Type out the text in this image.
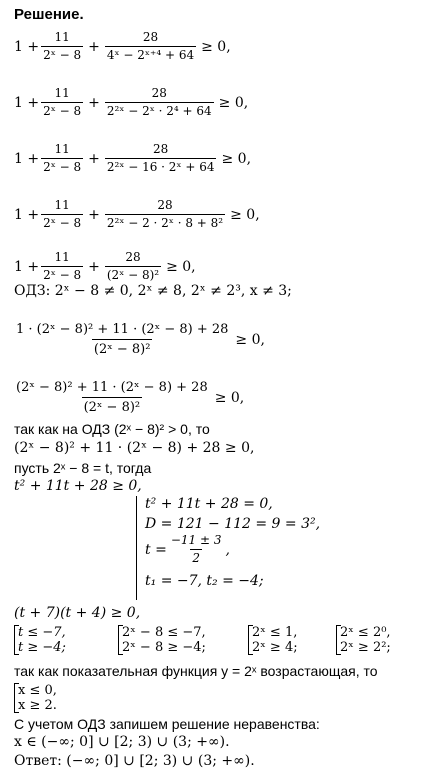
Решение.
$1 + \frac{11}{\text{2ˣ − 8}} + \frac{28}{\text{4ˣ − 2ˣ⁺⁴ + 64}} \ge 0$,
$1 + \frac{11}{\text{2ˣ − 8}} + \frac{28}{\text{2²ˣ − 2ˣ · 2⁴ + 64}} \ge 0$,
$1 + \frac{11}{\text{2ˣ − 8}} + \frac{28}{\text{2²ˣ − 16 · 2ˣ + 64}} \ge 0$,
$1 + \frac{11}{\text{2ˣ − 8}} + \frac{28}{\text{2²ˣ − 2 · 2ˣ · 8 + 8²}} \ge 0$,
$1 + \frac{11}{\text{2ˣ − 8}} + \frac{28}{\text{(2ˣ − 8)²}} \ge 0$,
ОДЗ: 2ˣ − 8 ≠ 0, 2ˣ ≠ 8, 2ˣ ≠ 2³, x ≠ 3;
$\frac{\text{1 · (2ˣ − 8)² + 11 · (2ˣ − 8) + 28}}{\text{(2ˣ − 8)²}} \ge 0$,
$\frac{\text{(2ˣ − 8)² + 11 · (2ˣ − 8) + 28}}{\text{(2ˣ − 8)²}} \ge 0$,
так как на ОДЗ (2ˣ − 8)² > 0, то
(2ˣ − 8)² + 11 · (2ˣ − 8) + 28 ≥ 0,
пусть 2ˣ − 8 = t, тогда
t² + 11t + 28 ≥ 0,
t² + 11t + 28 = 0,
D = 121 − 112 = 9 = 3²,
$t = \frac{-11 \pm 3}{2}$ ,
t₁ = −7, t₂ = −4;
(t + 7)(t + 4) ≥ 0,
t ≤ −7,
t ≥ −4;
2ˣ − 8 ≤ −7,
2ˣ − 8 ≥ −4;
2ˣ ≤ 1,
2ˣ ≥ 4;
2ˣ ≤ 2⁰,
2ˣ ≥ 2²;
так как показательная функция y = 2ˣ возрастающая, то
x ≤ 0,
x ≥ 2.
С учетом ОДЗ запишем решение неравенства:
x ∈ (−∞; 0] ∪ [2; 3) ∪ (3; +∞).
Ответ: (−∞; 0] ∪ [2; 3) ∪ (3; +∞).
